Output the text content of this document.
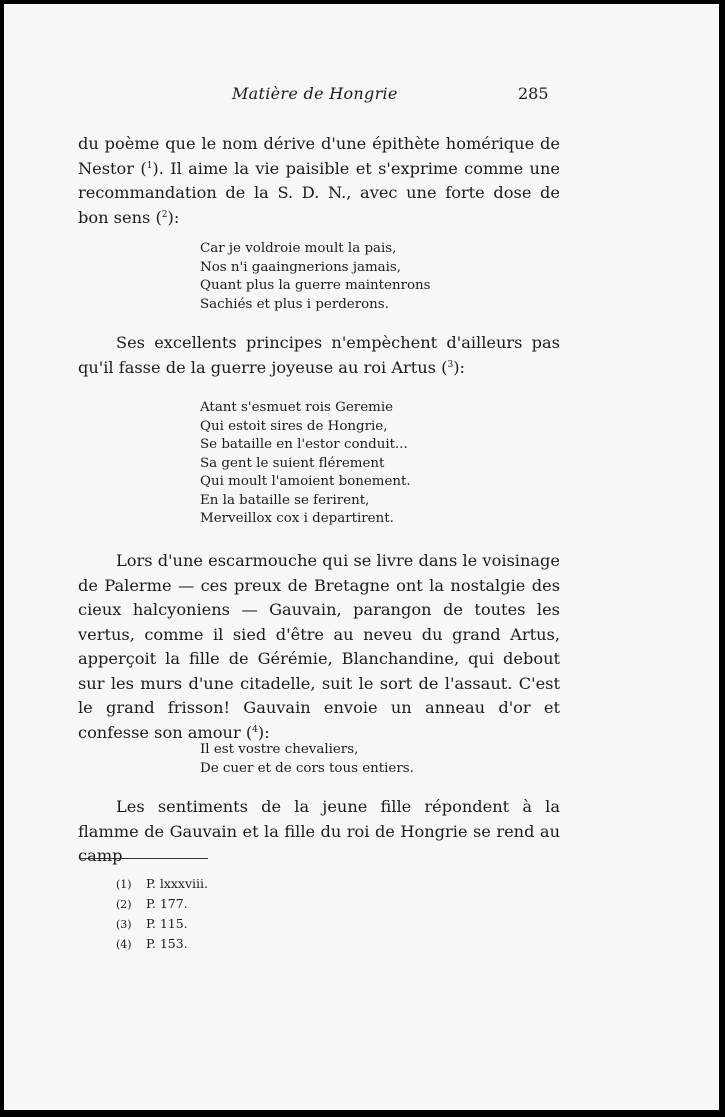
Matière de Hongrie	285

du poème que le nom dérive d'une épithète homérique de Nestor ($^1$). Il aime la vie paisible et s'exprime comme une recommandation de la S. D. N., avec une forte dose de bon sens ($^2$):

Car je voldroie moult la pais,
Nos n'i gaaingnerions jamais,
Quant plus la guerre maintenrons
Sachiés et plus i perderons.

Ses excellents principes n'empèchent d'ailleurs pas qu'il fasse de la guerre joyeuse au roi Artus ($^3$):

Atant s'esmuet rois Geremie
Qui estoit sires de Hongrie,
Se bataille en l'estor conduit...
Sa gent le suient flérement
Qui moult l'amoient bonement.
En la bataille se ferirent,
Merveillox cox i departirent.

Lors d'une escarmouche qui se livre dans le voisinage de Palerme — ces preux de Bretagne ont la nostalgie des cieux halcyoniens — Gauvain, parangon de toutes les vertus, comme il sied d'être au neveu du grand Artus, apperçoit la fille de Gérémie, Blanchandine, qui debout sur les murs d'une citadelle, suit le sort de l'assaut. C'est le grand frisson! Gauvain envoie un anneau d'or et confesse son amour ($^4$):

Il est vostre chevaliers,
De cuer et de cors tous entiers.

Les sentiments de la jeune fille répondent à la flamme de Gauvain et la fille du roi de Hongrie se rend au camp

(1) P. lxxxviii.
(2) P. 177.
(3) P. 115.
(4) P. 153.
